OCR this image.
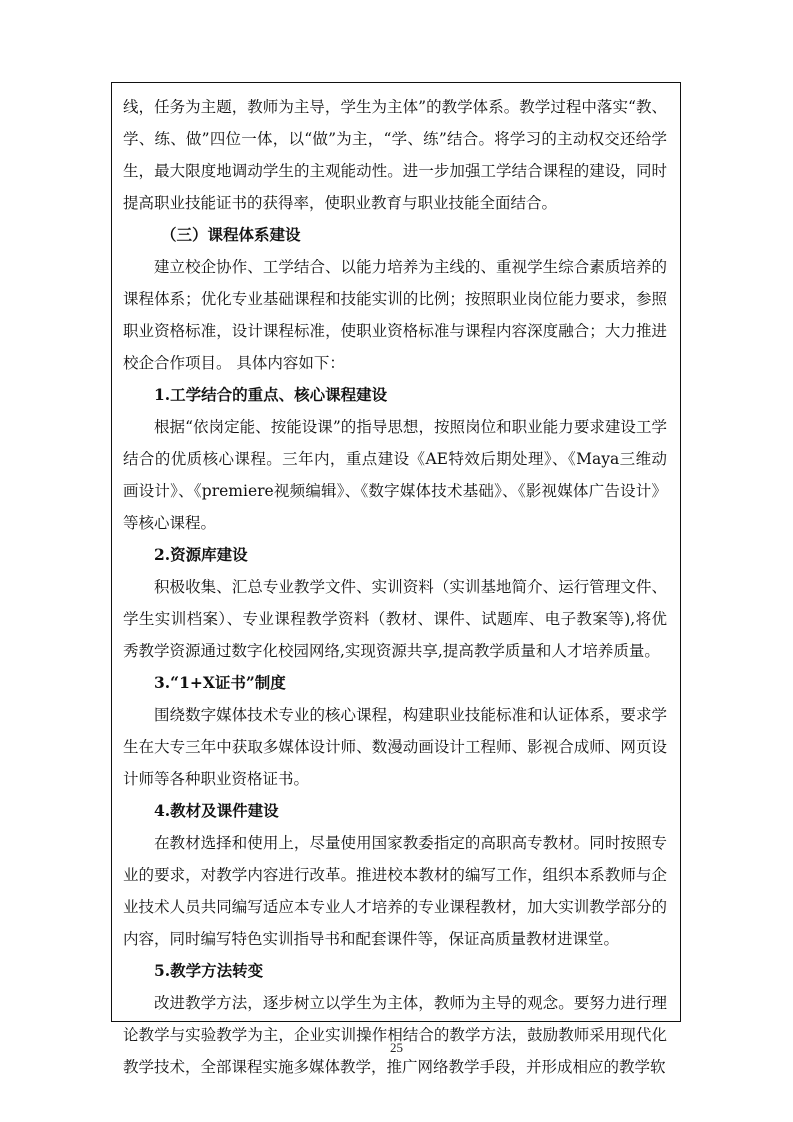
线，任务为主题，教师为主导，学生为主体”的教学体系。教学过程中落实“教、学、练、做”四位一体，以“做”为主，“学、练”结合。将学习的主动权交还给学生，最大限度地调动学生的主观能动性。进一步加强工学结合课程的建设，同时提高职业技能证书的获得率，使职业教育与职业技能全面结合。

（三）课程体系建设

建立校企协作、工学结合、以能力培养为主线的、重视学生综合素质培养的课程体系；优化专业基础课程和技能实训的比例；按照职业岗位能力要求，参照职业资格标准，设计课程标准，使职业资格标准与课程内容深度融合；大力推进校企合作项目。 具体内容如下：

1.工学结合的重点、核心课程建设

根据“依岗定能、按能设课”的指导思想，按照岗位和职业能力要求建设工学结合的优质核心课程。三年内，重点建设《AE特效后期处理》、《Maya三维动画设计》、《premiere视频编辑》、《数字媒体技术基础》、《影视媒体广告设计》等核心课程。

2.资源库建设

积极收集、汇总专业教学文件、实训资料（实训基地简介、运行管理文件、学生实训档案）、专业课程教学资料（教材、课件、试题库、电子教案等),将优秀教学资源通过数字化校园网络,实现资源共享,提高教学质量和人才培养质量。

3.“1+X证书”制度

围绕数字媒体技术专业的核心课程，构建职业技能标准和认证体系，要求学生在大专三年中获取多媒体设计师、数漫动画设计工程师、影视合成师、网页设计师等各种职业资格证书。

4.教材及课件建设

在教材选择和使用上，尽量使用国家教委指定的高职高专教材。同时按照专业的要求，对教学内容进行改革。推进校本教材的编写工作，组织本系教师与企业技术人员共同编写适应本专业人才培养的专业课程教材，加大实训教学部分的内容，同时编写特色实训指导书和配套课件等，保证高质量教材进课堂。

5.教学方法转变

改进教学方法，逐步树立以学生为主体，教师为主导的观念。要努力进行理论教学与实验教学为主，企业实训操作相结合的教学方法，鼓励教师采用现代化教学技术，全部课程实施多媒体教学，推广网络教学手段，并形成相应的教学软

25
